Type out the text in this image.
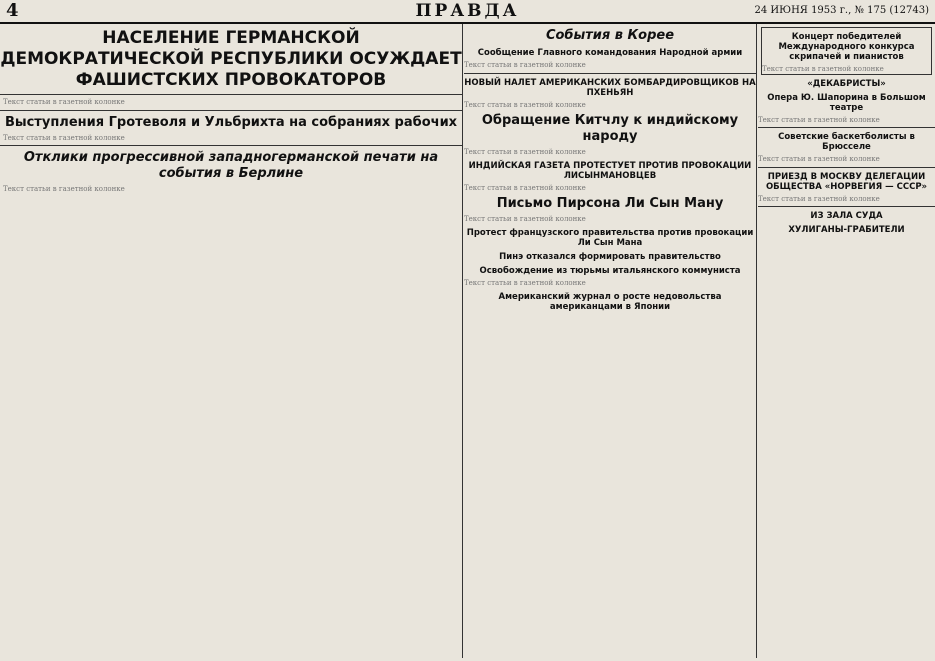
4	ПРАВДА	24 ИЮНЯ 1953 г., № 175 (12743)
НАСЕЛЕНИЕ ГЕРМАНСКОЙ ДЕМОКРАТИЧЕСКОЙ РЕСПУБЛИКИ ОСУЖДАЕТ ФАШИСТСКИХ ПРОВОКАТОРОВ
Текст статьи в газетной колонке
Выступления Гротеволя и Ульбрихта на собраниях рабочих
Текст статьи в газетной колонке
Отклики прогрессивной западногерманской печати на события в Берлине
Текст статьи в газетной колонке
События в Корее
Сообщение Главного командования Народной армии
Текст статьи в газетной колонке
НОВЫЙ НАЛЕТ АМЕРИКАНСКИХ БОМБАРДИРОВЩИКОВ НА ПХЕНЬЯН
Текст статьи в газетной колонке
Обращение Китчлу к индийскому народу
Текст статьи в газетной колонке
ИНДИЙСКАЯ ГАЗЕТА ПРОТЕСТУЕТ ПРОТИВ ПРОВОКАЦИИ ЛИСЫНМАНОВЦЕВ
Текст статьи в газетной колонке
Письмо Пирсона Ли Сын Ману
Текст статьи в газетной колонке
Протест французского правительства против провокации Ли Сын Мана
Пинэ отказался формировать правительство
Освобождение из тюрьмы итальянского коммуниста
Текст статьи в газетной колонке
Американский журнал о росте недовольства американцами в Японии
Концерт победителей Международного конкурса скрипачей и пианистов
Текст статьи в газетной колонке
«ДЕКАБРИСТЫ»
Опера Ю. Шапорина в Большом театре
Текст статьи в газетной колонке
Советские баскетболисты в Брюсселе
Текст статьи в газетной колонке
ПРИЕЗД В МОСКВУ ДЕЛЕГАЦИИ ОБЩЕСТВА «НОРВЕГИЯ — СССР»
Текст статьи в газетной колонке
ИЗ ЗАЛА СУДА
ХУЛИГАНЫ-ГРАБИТЕЛИ
